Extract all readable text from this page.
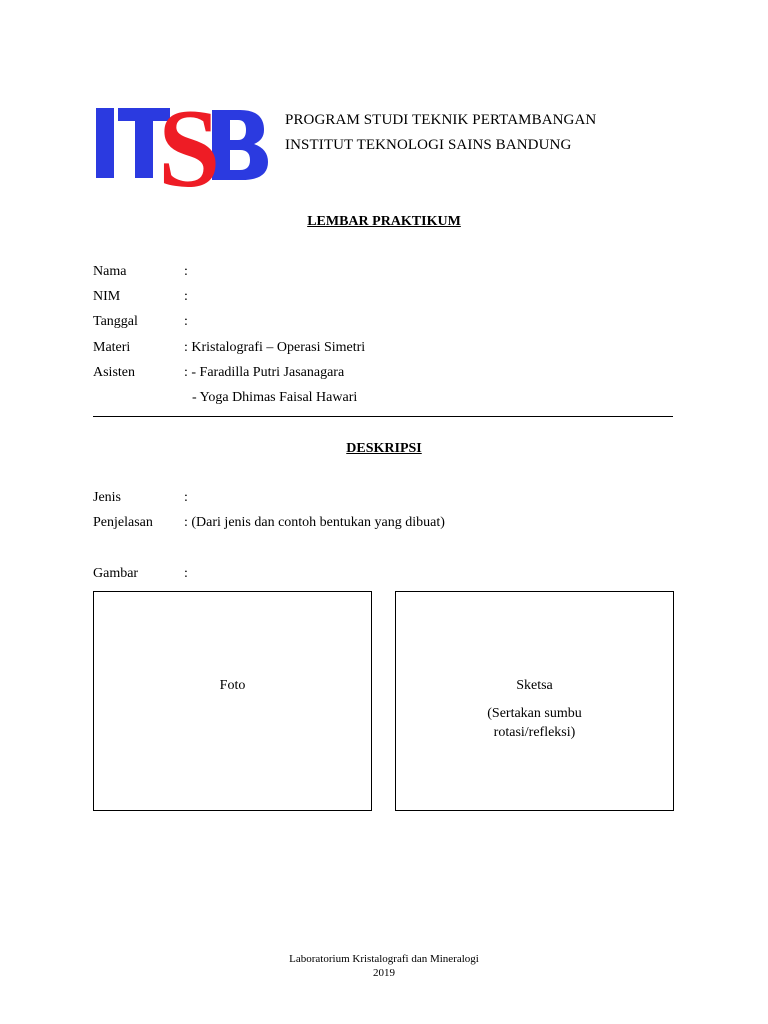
S	PROGRAM STUDI TEKNIK PERTAMBANGAN
INSTITUT TEKNOLOGI SAINS BANDUNG
LEMBAR PRAKTIKUM
Nama	:
NIM	:
Tanggal	:
Materi	: Kristalografi – Operasi Simetri
Asisten	: - Faradilla Putri Jasanagara
- Yoga Dhimas Faisal Hawari
DESKRIPSI
Jenis	:
Penjelasan : (Dari jenis dan contoh bentukan yang dibuat)
Gambar	:
Foto	Sketsa
(Sertakan sumbu
rotasi/refleksi)
Laboratorium Kristalografi dan Mineralogi
2019
